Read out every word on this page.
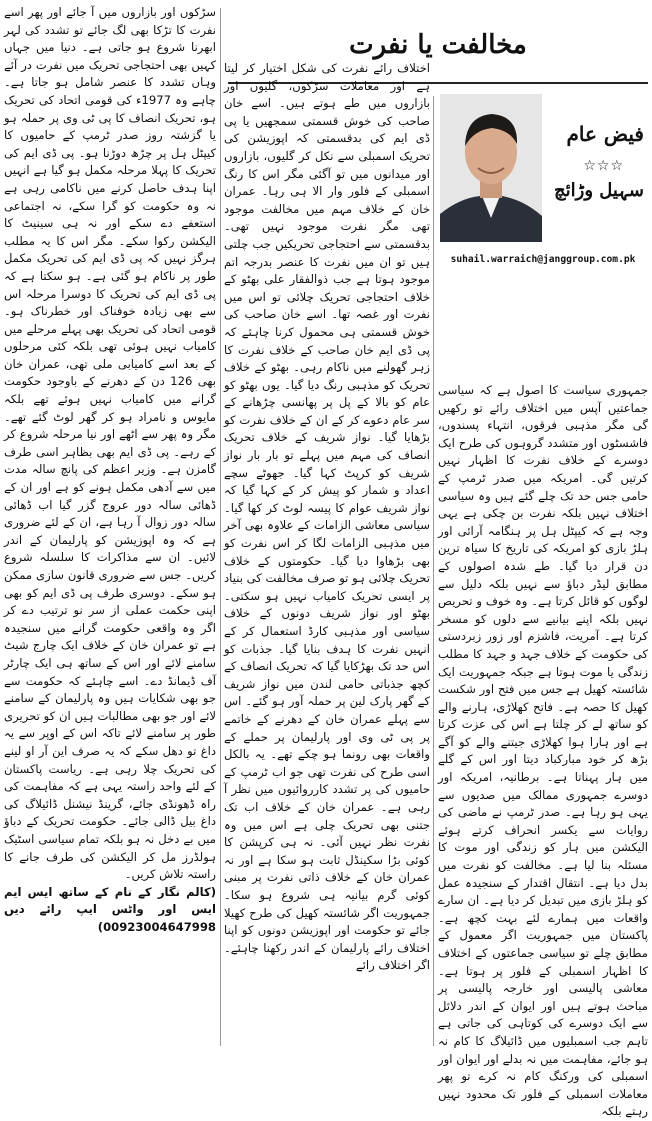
مخالفت یا نفرت
فیض عام
☆☆☆
سہیل وڑائچ
suhail.warraich@janggroup.com.pk

جمہوری سیاست کا اصول ہے کہ سیاسی جماعتیں آپس میں اختلاف رائے تو رکھیں گی مگر مذہبی فرقوں، انتہاء پسندوں، فاشسٹوں اور متشدد گروہوں کی طرح ایک دوسرے کے خلاف نفرت کا اظہار نہیں کرتیں گی۔ امریکہ میں صدر ٹرمپ کے حامی جس حد تک چلے گئے ہیں وہ سیاسی اختلاف نہیں بلکہ نفرت بن چکی ہے یہی وجہ ہے کہ کیپٹل ہل پر ہنگامہ آرائی اور ہلڑ بازی کو امریکہ کی تاریخ کا سیاہ ترین دن قرار دیا گیا۔ طے شدہ اصولوں کے مطابق لیڈر دباؤ سے نہیں بلکہ دلیل سے لوگوں کو قائل کرتا ہے۔ وہ خوف و تحریص نہیں بلکہ اپنے بیانیے سے دلوں کو مسخر کرتا ہے۔ آمریت، فاشزم اور زور زبردستی کی حکومت کے خلاف جہد و جہد کا مطلب زندگی یا موت ہوتا ہے جبکہ جمہوریت ایک شائستہ کھیل ہے جس میں فتح اور شکست کھیل کا حصہ ہے۔ فاتح کھلاڑی، ہارنے والے کو ساتھ لے کر چلتا ہے اس کی عزت کرتا ہے اور ہارا ہوا کھلاڑی جیتنے والے کو آگے بڑھ کر خود مبارکباد دیتا اور اس کے گلے میں ہار پہناتا ہے۔ برطانیہ، امریکہ اور دوسرے جمہوری ممالک میں صدیوں سے یہی ہو رہا ہے۔ صدر ٹرمپ نے ماضی کی روایات سے یکسر انحراف کرتے ہوئے الیکشن میں ہار کو زندگی اور موت کا مسئلہ بنا لیا ہے۔ مخالفت کو نفرت میں بدل دیا ہے۔ انتقال اقتدار کے سنجیدہ عمل کو ہلڑ بازی میں تبدیل کر دیا ہے۔ ان سارے واقعات میں ہمارے لئے بہت کچھ ہے۔ پاکستان میں جمہوریت اگر معمول کے مطابق چلے تو سیاسی جماعتوں کے اختلاف کا اظہار اسمبلی کے فلور پر ہوتا ہے۔ معاشی پالیسی اور خارجہ پالیسی پر مباحث ہوتے ہیں اور ایوان کے اندر دلائل سے ایک دوسرے کی کوتاہی کی جاتی ہے تاہم جب اسمبلیوں میں ڈائیلاگ کا کام نہ ہو جائے، مفاہمت میں نہ بدلے اور ایوان اور اسمبلی کی ورکنگ کام نہ کرے تو پھر معاملات اسمبلی کے فلور تک محدود نہیں رہتے بلکہ

اختلاف رائے نفرت کی شکل اختیار کر لیتا ہے اور معاملات سڑکوں، گلیوں اور بازاروں میں طے ہوتے ہیں۔ اسے خان صاحب کی خوش قسمتی سمجھیں یا پی ڈی ایم کی بدقسمتی کہ اپوزیشن کی تحریک اسمبلی سے نکل کر گلیوں، بازاروں اور میدانوں میں تو آگئی مگر اس کا رنگ اسمبلی کے فلور وار الا ہی رہا۔ عمران خان کے خلاف مہم میں مخالفت موجود تھی مگر نفرت موجود نہیں تھی۔ بدقسمتی سے احتجاجی تحریکیں جب چلتی ہیں تو ان میں نفرت کا عنصر بدرجہ اتم موجود ہوتا ہے جب ذوالفقار علی بھٹو کے خلاف احتجاجی تحریک چلائی تو اس میں نفرت اور غصہ تھا۔ اسے خان صاحب کی خوش قسمتی ہی محمول کرنا چاہئے کہ پی ڈی ایم خان صاحب کے خلاف نفرت کا زہر گھولنے میں ناکام رہی۔ بھٹو کے خلاف تحریک کو مذہبی رنگ دیا گیا۔ یوں بھٹو کو عام کو بالا کے پل پر پھانسی چڑھانے کے سر عام دعوے کر کے ان کے خلاف نفرت کو بڑھایا گیا۔ نواز شریف کے خلاف تحریک انصاف کی مہم میں پہلے تو بار بار نواز شریف کو کرپٹ کہا گیا۔ جھوٹے سچے اعداد و شمار کو پیش کر کے کہا گیا کہ نواز شریف عوام کا پیسہ لوٹ کر کھا گیا۔ سیاسی معاشی الزامات کے علاوہ بھی آخر میں مذہبی الزامات لگا کر اس نفرت کو بھی بڑھاوا دیا گیا۔ حکومتوں کے خلاف تحریک چلائی ہو تو صرف مخالفت کی بنیاد پر ایسی تحریک کامیاب نہیں ہو سکتی۔ بھٹو اور نواز شریف دونوں کے خلاف سیاسی اور مذہبی کارڈ استعمال کر کے انہیں نفرت کا ہدف بنایا گیا۔ جذبات کو اس حد تک بھڑکایا گیا کہ تحریک انصاف کے کچھ جذباتی حامی لندن میں نواز شریف کے گھر پارک لین پر حملہ آور ہو گئے۔ اس سے پہلے عمران خان کے دھرنے کے خاتمے پر پی ٹی وی اور پارلیمان پر حملے کے واقعات بھی رونما ہو چکے تھے۔ یہ بالکل اسی طرح کی نفرت تھی جو اب ٹرمپ کے حامیوں کی پر تشدد کارروائیوں میں نظر آ رہی ہے۔ عمران خان کے خلاف اب تک جتنی بھی تحریک چلی ہے اس میں وہ نفرت نظر نہیں آئی۔ نہ ہی کرپشن کا کوئی بڑا سکینڈل ثابت ہو سکا ہے اور نہ عمران خان کے خلاف ذاتی نفرت پر مبنی کوئی گرم بیانیہ ہی شروع ہو سکا۔ جمہوریت اگر شائستہ کھیل کی طرح کھیلا جائے تو حکومت اور اپوزیشن دونوں کو اپنا اختلاف رائے پارلیمان کے اندر رکھنا چاہئے۔ اگر اختلاف رائے

سڑکوں اور بازاروں میں آ جائے اور پھر اسے نفرت کا تڑکا بھی لگ جائے تو تشدد کی لہر ابھرنا شروع ہو جاتی ہے۔ دنیا میں جہاں کہیں بھی احتجاجی تحریک میں نفرت در آئے وہاں تشدد کا عنصر شامل ہو جاتا ہے۔ چاہے وہ 1977ء کی قومی اتحاد کی تحریک ہو، تحریک انصاف کا پی ٹی وی پر حملہ ہو یا گزشتہ روز صدر ٹرمپ کے حامیوں کا کیپٹل ہل پر چڑھ دوڑنا ہو۔ پی ڈی ایم کی تحریک کا پہلا مرحلہ مکمل ہو گیا ہے انہیں اپنا ہدف حاصل کرنے میں ناکامی رہی ہے نہ وہ حکومت کو گرا سکے، نہ اجتماعی استعفے دے سکے اور نہ ہی سینیٹ کا الیکشن رکوا سکے۔ مگر اس کا یہ مطلب ہرگز نہیں کہ پی ڈی ایم کی تحریک مکمل طور پر ناکام ہو گئی ہے۔ ہو سکتا ہے کہ پی ڈی ایم کی تحریک کا دوسرا مرحلہ اس سے بھی زیادہ خوفناک اور خطرناک ہو۔ قومی اتحاد کی تحریک بھی پہلے مرحلے میں کامیاب نہیں ہوئی تھی بلکہ کئی مرحلوں کے بعد اسے کامیابی ملی تھی، عمران خان بھی 126 دن کے دھرنے کے باوجود حکومت گرانے میں کامیاب نہیں ہوئے تھے بلکہ مایوس و نامراد ہو کر گھر لوٹ گئے تھے۔ مگر وہ پھر سے اٹھے اور نیا مرحلہ شروع کر کے رہے۔ پی ڈی ایم بھی بظاہر اسی طرف گامزن ہے۔ وزیر اعظم کی پانچ سالہ مدت میں سے آدھی مکمل ہونے کو ہے اور ان کے ڈھائی سالہ دور عروج گزر گیا اب ڈھائی سالہ دور زوال آ رہا ہے، ان کے لئے ضروری ہے کہ وہ اپوزیشن کو پارلیمان کے اندر لائیں۔ ان سے مذاکرات کا سلسلہ شروع کریں۔ جس سے ضروری قانون سازی ممکن ہو سکے۔ دوسری طرف پی ڈی ایم کو بھی اپنی حکمت عملی از سر نو ترتیب دے کر اگر وہ واقعی حکومت گرانے میں سنجیدہ ہے تو عمران خان کے خلاف ایک چارج شیٹ سامنے لائے اور اس کے ساتھ ہی ایک چارٹر آف ڈیمانڈ دے۔ اسے چاہئے کہ حکومت سے جو بھی شکایات ہیں وہ پارلیمان کے سامنے لائے اور جو بھی مطالبات ہیں ان کو تحریری طور پر سامنے لائے تاکہ اس کے اوپر سے یہ داغ تو دھل سکے کہ یہ صرف این آر او لینے کی تحریک چلا رہی ہے۔ ریاست پاکستان کے لئے واحد راستہ یہی ہے کہ مفاہمت کی راہ ڈھونڈی جائے، گرینڈ نیشنل ڈائیلاگ کی داغ بیل ڈالی جائے۔ حکومت تحریک کے دباؤ میں بے دخل نہ ہو بلکہ تمام سیاسی اسٹیک ہولڈرز مل کر الیکشن کی طرف جانے کا راستہ تلاش کریں۔

(کالم نگار کے نام کے ساتھ ایس ایم ایس اور واٹس ایپ رائے دیں 00923004647998)
